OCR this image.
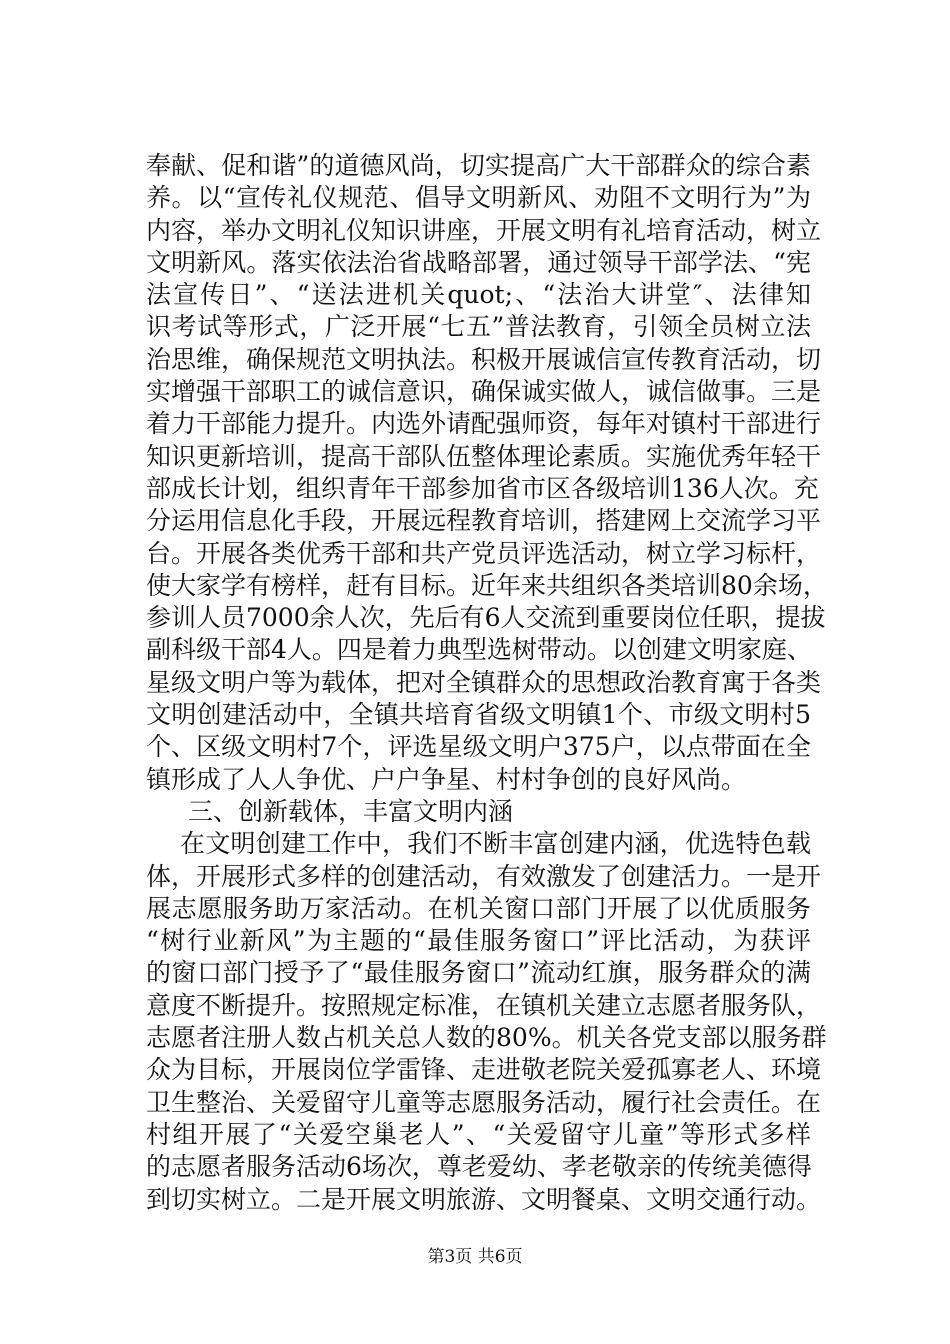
奉献、促和谐”的道德风尚，切实提高广大干部群众的综合素
养。以“宣传礼仪规范、倡导文明新风、劝阻不文明行为”为
内容，举办文明礼仪知识讲座，开展文明有礼培育活动，树立
文明新风。落实依法治省战略部署，通过领导干部学法、“宪
法宣传日”、“送法进机关quot;、“法治大讲堂″、法律知
识考试等形式，广泛开展“七五”普法教育，引领全员树立法
治思维，确保规范文明执法。积极开展诚信宣传教育活动，切
实增强干部职工的诚信意识，确保诚实做人，诚信做事。三是
着力干部能力提升。内选外请配强师资，每年对镇村干部进行
知识更新培训，提高干部队伍整体理论素质。实施优秀年轻干
部成长计划，组织青年干部参加省市区各级培训136人次。充
分运用信息化手段，开展远程教育培训，搭建网上交流学习平
台。开展各类优秀干部和共产党员评选活动，树立学习标杆，
使大家学有榜样，赶有目标。近年来共组织各类培训80余场，
参训人员7000余人次，先后有6人交流到重要岗位任职，提拔
副科级干部4人。四是着力典型选树带动。以创建文明家庭、
星级文明户等为载体，把对全镇群众的思想政治教育寓于各类
文明创建活动中，全镇共培育省级文明镇1个、市级文明村5
个、区级文明村7个，评选星级文明户375户，以点带面在全
镇形成了人人争优、户户争星、村村争创的良好风尚。
三、创新载体，丰富文明内涵
在文明创建工作中，我们不断丰富创建内涵，优选特色载
体，开展形式多样的创建活动，有效激发了创建活力。一是开
展志愿服务助万家活动。在机关窗口部门开展了以优质服务
“树行业新风”为主题的“最佳服务窗口”评比活动，为获评
的窗口部门授予了“最佳服务窗口”流动红旗，服务群众的满
意度不断提升。按照规定标准，在镇机关建立志愿者服务队，
志愿者注册人数占机关总人数的80%。机关各党支部以服务群
众为目标，开展岗位学雷锋、走进敬老院关爱孤寡老人、环境
卫生整治、关爱留守儿童等志愿服务活动，履行社会责任。在
村组开展了“关爱空巢老人”、“关爱留守儿童”等形式多样
的志愿者服务活动6场次，尊老爱幼、孝老敬亲的传统美德得
到切实树立。二是开展文明旅游、文明餐桌、文明交通行动。
第3页 共6页
